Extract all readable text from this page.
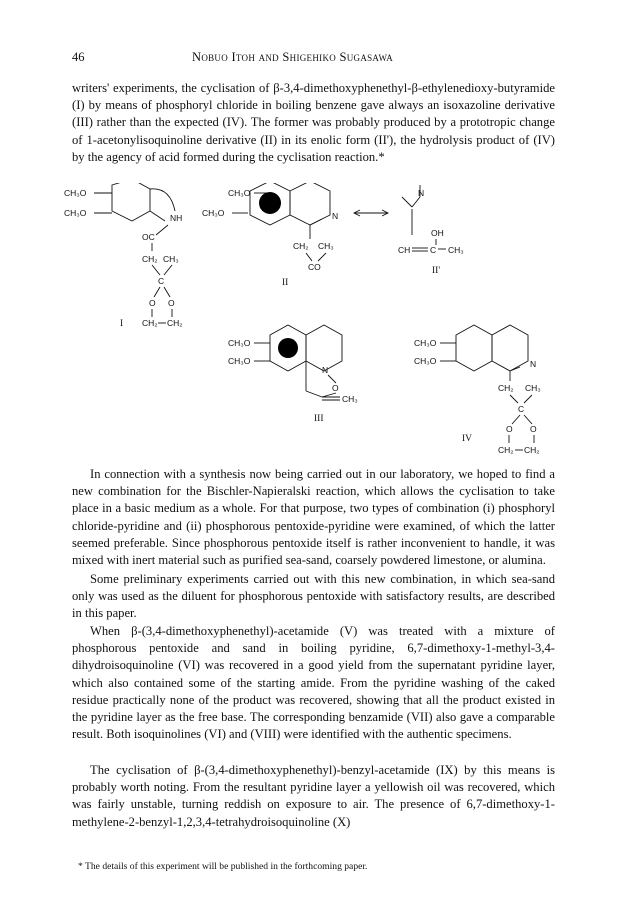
46	Nobuo Itoh and Shigehiko Sugasawa

writers' experiments, the cyclisation of β-3,4-dimethoxyphenethyl-β-ethylenedioxy-butyramide (I) by means of phosphoryl chloride in boiling benzene gave always an isoxazoline derivative (III) rather than the expected (IV). The former was probably produced by a prototropic change of 1-acetonylisoquinoline derivative (II) in its enolic form (II'), the hydrolysis product of (IV) by the agency of acid formed during the cyclisation reaction.*

CH₃O
CH₃O	NH
OC
CH₂ CH₃
C
O O
CH₂ CH₂
I
CH₃O
CH₃O	N
CH₂ CH₃
CO
II
N
OH
CH C CH₃
II'
CH₃O
CH₃O
N
O
CH₃
III
CH₃O
CH₃O	N
CH₂ CH₃
C
O O
CH₂ CH₂
IV

In connection with a synthesis now being carried out in our laboratory, we hoped to find a new combination for the Bischler-Napieralski reaction, which allows the cyclisation to take place in a basic medium as a whole. For that purpose, two types of combination (i) phosphoryl chloride-pyridine and (ii) phosphorous pentoxide-pyridine were examined, of which the latter seemed preferable. Since phosphorous pentoxide itself is rather inconvenient to handle, it was mixed with inert material such as purified sea-sand, coarsely powdered limestone, or alumina.

Some preliminary experiments carried out with this new combination, in which sea-sand only was used as the diluent for phosphorous pentoxide with satisfactory results, are described in this paper.

When β-(3,4-dimethoxyphenethyl)-acetamide (V) was treated with a mixture of phosphorous pentoxide and sand in boiling pyridine, 6,7-dimethoxy-1-methyl-3,4-dihydroisoquinoline (VI) was recovered in a good yield from the supernatant pyridine layer, which also contained some of the starting amide. From the pyridine washing of the caked residue practically none of the product was recovered, showing that all the product existed in the pyridine layer as the free base. The corresponding benzamide (VII) also gave a comparable result. Both isoquinolines (VI) and (VIII) were identified with the authentic specimens.

The cyclisation of β-(3,4-dimethoxyphenethyl)-benzyl-acetamide (IX) by this means is probably worth noting. From the resultant pyridine layer a yellowish oil was recovered, which was fairly unstable, turning reddish on exposure to air. The presence of 6,7-dimethoxy-1-methylene-2-benzyl-1,2,3,4-tetrahydroisoquinoline (X)

* The details of this experiment will be published in the forthcoming paper.
